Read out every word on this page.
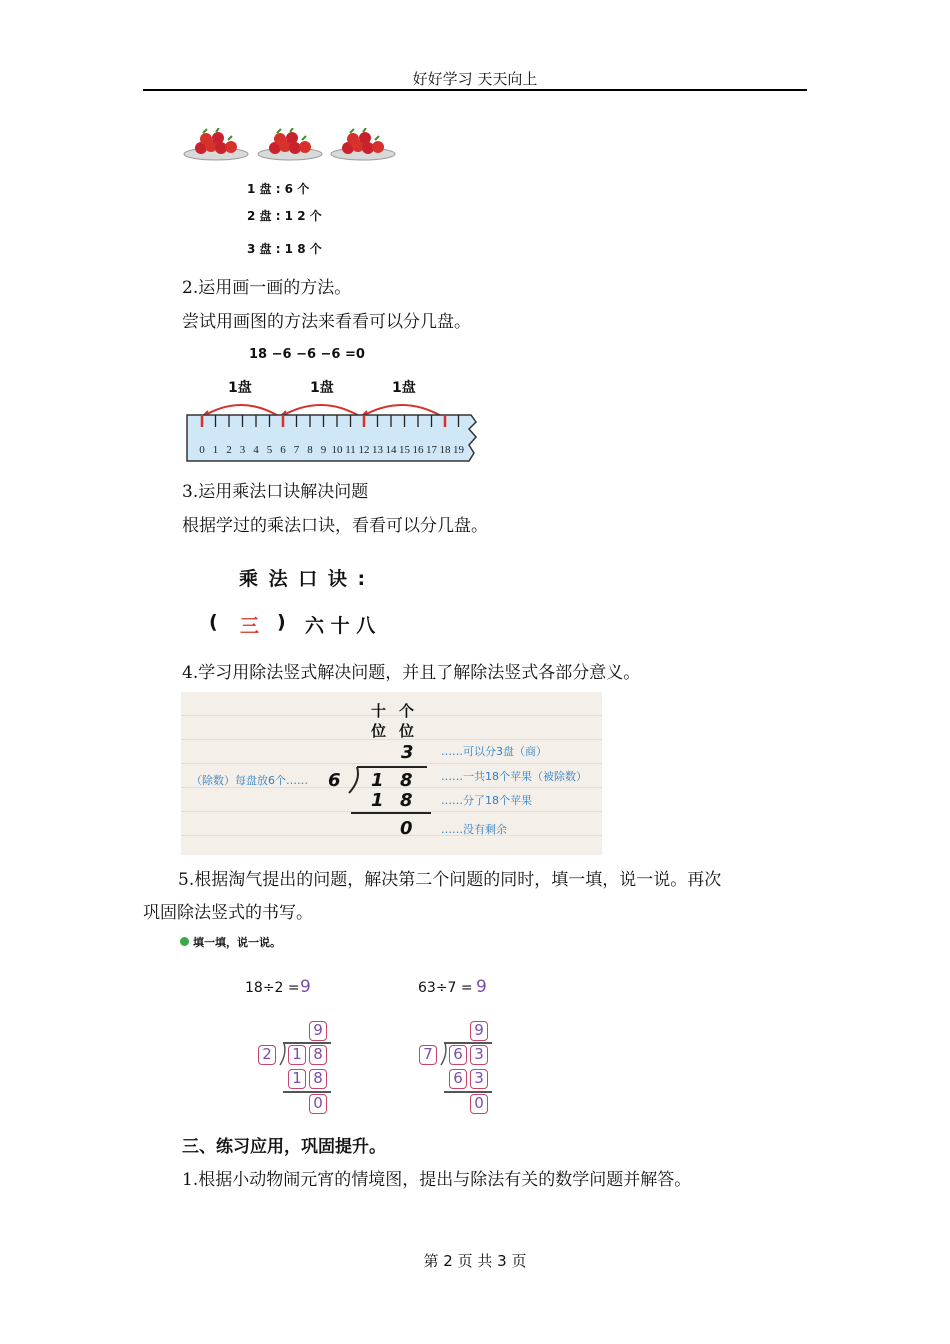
好好学习 天天向上
1 盘 : 6 个
2 盘 : 1 2 个
3 盘 : 1 8 个
2.运用画一画的方法。
尝试用画图的方法来看看可以分几盘。
18 −6 −6 −6 =0
1盘	1盘	1盘
0 1 2 3 4 5 6 7 8 9 10 11 12 13 14 15 16 17 18 19
3.运用乘法口诀解决问题
根据学过的乘法口诀，看看可以分几盘。
乘 法 口 诀 :
( 三 ) 六 十 八
4.学习用除法竖式解决问题，并且了解除法竖式各部分意义。
十 个
位 位
3
6 1 8
1 8
0
（除数）每盘放6个……
……可以分3盘（商）
……一共18个苹果（被除数）
……分了18个苹果
……没有剩余
5.根据淘气提出的问题，解决第二个问题的同时，填一填，说一说。再次
巩固除法竖式的书写。
填一填，说一说。
18÷2 = 9
9
2 1 8
1 8
0
63÷7 = 9
9
7 6 3
6 3
0
三、练习应用，巩固提升。
1.根据小动物闹元宵的情境图，提出与除法有关的数学问题并解答。
第 2 页 共 3 页
